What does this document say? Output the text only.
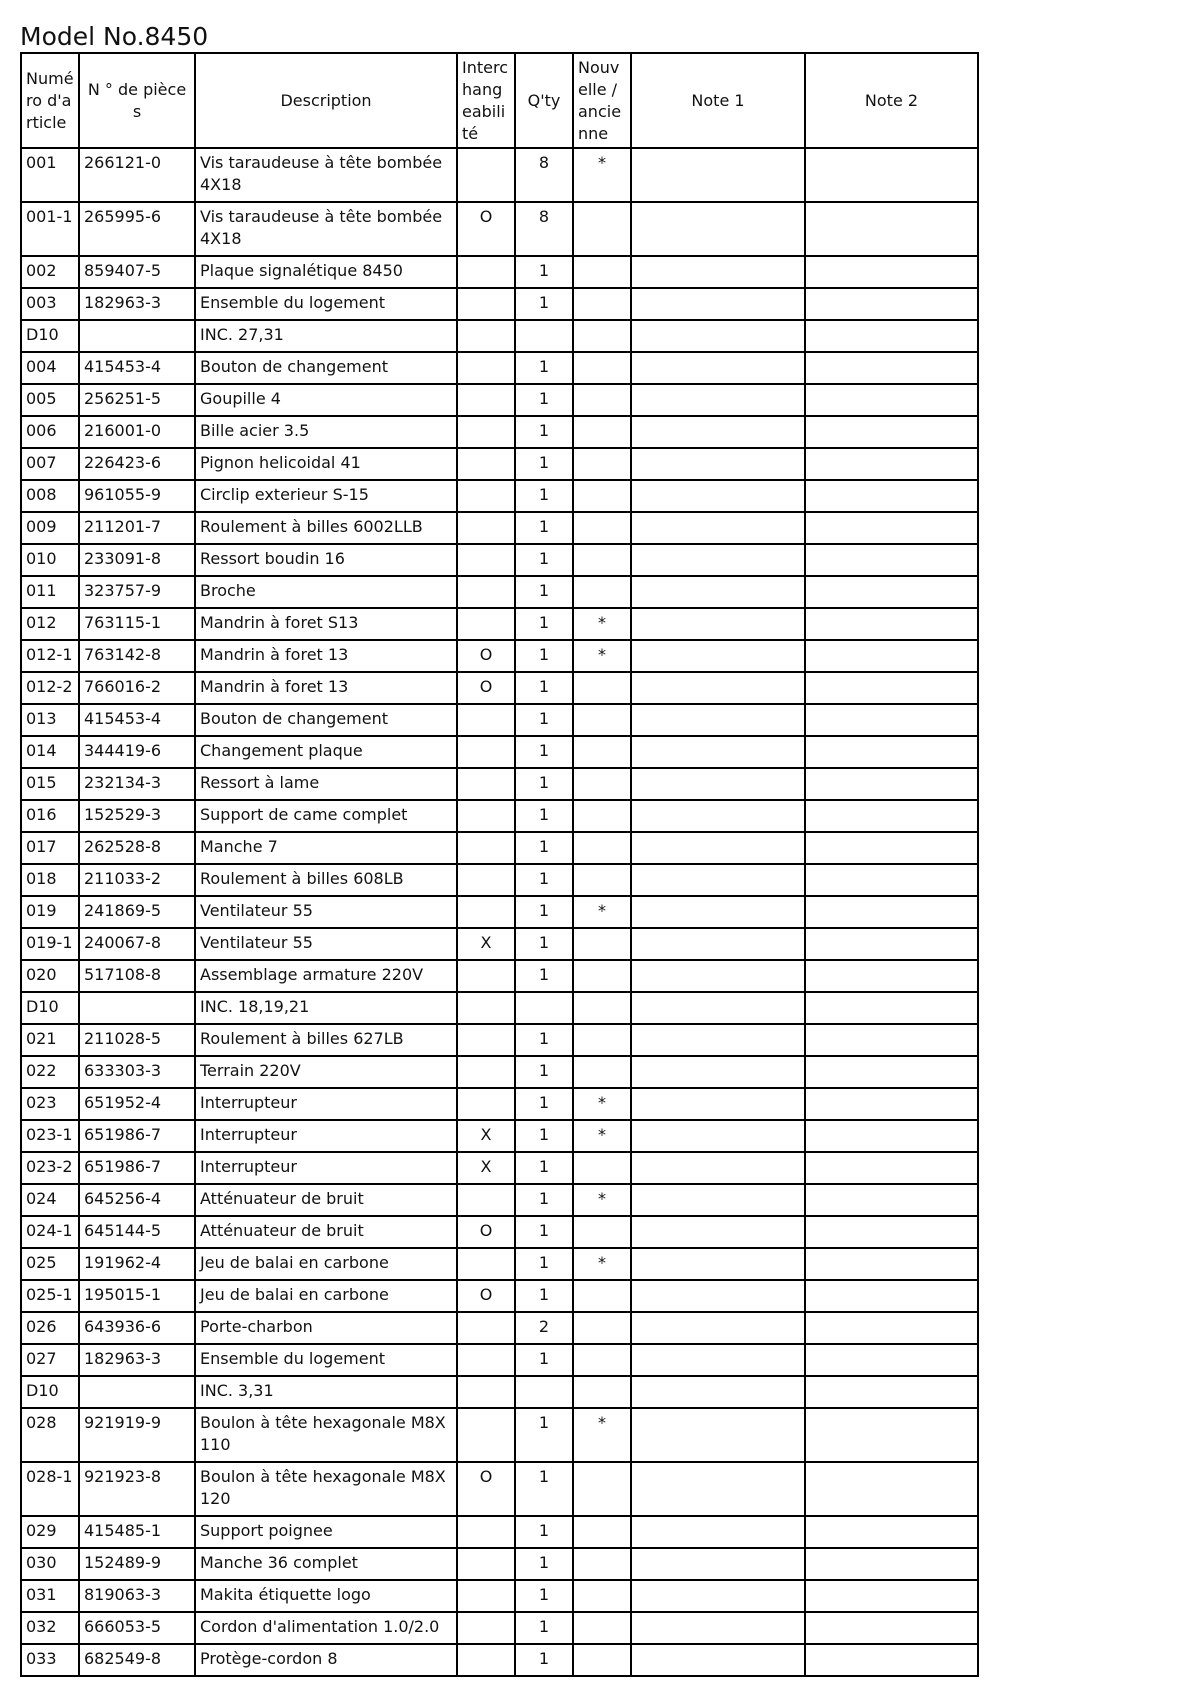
Model No.8450
Numéro d'article	N ° de pièces	Description	Interchangeabilité	Q'ty	Nouvelle / ancienne	Note 1	Note 2
001	266121-0	Vis taraudeuse à tête bombée 4X18		8	*		
001-1	265995-6	Vis taraudeuse à tête bombée 4X18	O	8			
002	859407-5	Plaque signalétique 8450		1			
003	182963-3	Ensemble du logement		1			
D10		INC. 27,31					
004	415453-4	Bouton de changement		1			
005	256251-5	Goupille 4		1			
006	216001-0	Bille acier 3.5		1			
007	226423-6	Pignon helicoidal 41		1			
008	961055-9	Circlip exterieur S-15		1			
009	211201-7	Roulement à billes 6002LLB		1			
010	233091-8	Ressort boudin 16		1			
011	323757-9	Broche		1			
012	763115-1	Mandrin à foret S13		1	*		
012-1	763142-8	Mandrin à foret 13	O	1	*		
012-2	766016-2	Mandrin à foret 13	O	1			
013	415453-4	Bouton de changement		1			
014	344419-6	Changement plaque		1			
015	232134-3	Ressort à lame		1			
016	152529-3	Support de came complet		1			
017	262528-8	Manche 7		1			
018	211033-2	Roulement à billes 608LB		1			
019	241869-5	Ventilateur 55		1	*		
019-1	240067-8	Ventilateur 55	X	1			
020	517108-8	Assemblage armature 220V		1			
D10		INC. 18,19,21					
021	211028-5	Roulement à billes 627LB		1			
022	633303-3	Terrain 220V		1			
023	651952-4	Interrupteur		1	*		
023-1	651986-7	Interrupteur	X	1	*		
023-2	651986-7	Interrupteur	X	1			
024	645256-4	Atténuateur de bruit		1	*		
024-1	645144-5	Atténuateur de bruit	O	1			
025	191962-4	Jeu de balai en carbone		1	*		
025-1	195015-1	Jeu de balai en carbone	O	1			
026	643936-6	Porte-charbon		2			
027	182963-3	Ensemble du logement		1			
D10		INC. 3,31					
028	921919-9	Boulon à tête hexagonale M8X110		1	*		
028-1	921923-8	Boulon à tête hexagonale M8X120	O	1			
029	415485-1	Support poignee		1			
030	152489-9	Manche 36 complet		1			
031	819063-3	Makita étiquette logo		1			
032	666053-5	Cordon d'alimentation 1.0/2.0		1			
033	682549-8	Protège-cordon 8		1			
